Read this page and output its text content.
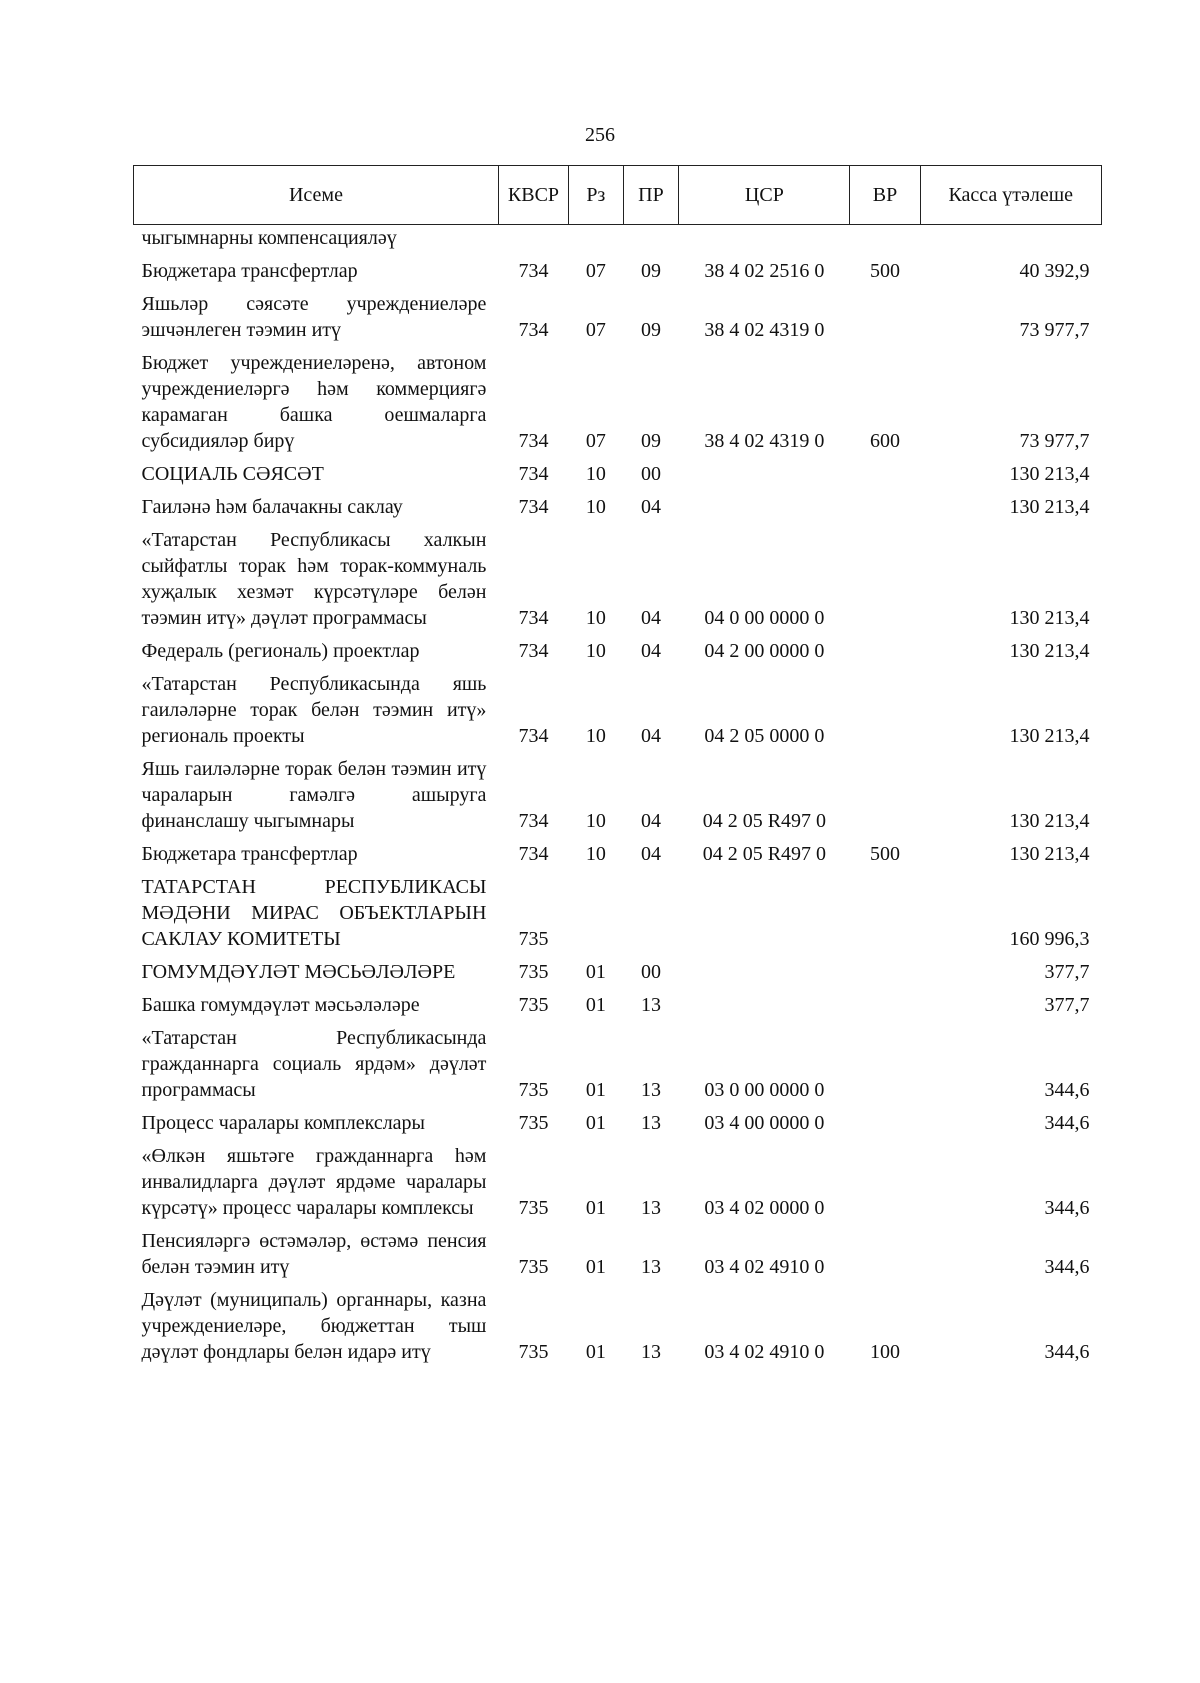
256
Исеме	КВСР	Рз	ПР	ЦСР	ВР	Касса үтәлеше
чыгымнарны компенсацияләү						
Бюджетара трансфертлар	734	07	09	38 4 02 2516 0	500	40 392,9
Яшьләр сәясәте учреждениеләре эшчәнлеген тәэмин итү	734	07	09	38 4 02 4319 0		73 977,7
Бюджет учреждениеләренә, автоном учреждениеләргә һәм коммерциягә карамаган башка оешмаларга субсидияләр бирү	734	07	09	38 4 02 4319 0	600	73 977,7
СОЦИАЛЬ СӘЯСӘТ	734	10	00			130 213,4
Гаиләнә һәм балачакны саклау	734	10	04			130 213,4
«Татарстан Республикасы халкын сыйфатлы торак һәм торак-коммуналь хуҗалык хезмәт күрсәтүләре белән тәэмин итү» дәүләт программасы	734	10	04	04 0 00 0000 0		130 213,4
Федераль (региональ) проектлар	734	10	04	04 2 00 0000 0		130 213,4
«Татарстан Республикасында яшь гаиләләрне торак белән тәэмин итү» региональ проекты	734	10	04	04 2 05 0000 0		130 213,4
Яшь гаиләләрне торак белән тәэмин итү чараларын гамәлгә ашыруга финанслашу чыгымнары	734	10	04	04 2 05 R497 0		130 213,4
Бюджетара трансфертлар	734	10	04	04 2 05 R497 0	500	130 213,4
ТАТАРСТАН РЕСПУБЛИКАСЫ МӘДӘНИ МИРАС ОБЪЕКТЛАРЫН САКЛАУ КОМИТЕТЫ	735					160 996,3
ГОМУМДӘҮЛӘТ МӘСЬӘЛӘЛӘРЕ	735	01	00			377,7
Башка гомумдәүләт мәсьәләләре	735	01	13			377,7
«Татарстан Республикасында гражданнарга социаль ярдәм» дәүләт программасы	735	01	13	03 0 00 0000 0		344,6
Процесс чаралары комплекслары	735	01	13	03 4 00 0000 0		344,6
«Өлкән яшьтәге гражданнарга һәм инвалидларга дәүләт ярдәме чаралары күрсәтү» процесс чаралары комплексы	735	01	13	03 4 02 0000 0		344,6
Пенсияләргә өстәмәләр, өстәмә пенсия белән тәэмин итү	735	01	13	03 4 02 4910 0		344,6
Дәүләт (муниципаль) органнары, казна учреждениеләре, бюджеттан тыш дәүләт фондлары белән идарә итү	735	01	13	03 4 02 4910 0	100	344,6
